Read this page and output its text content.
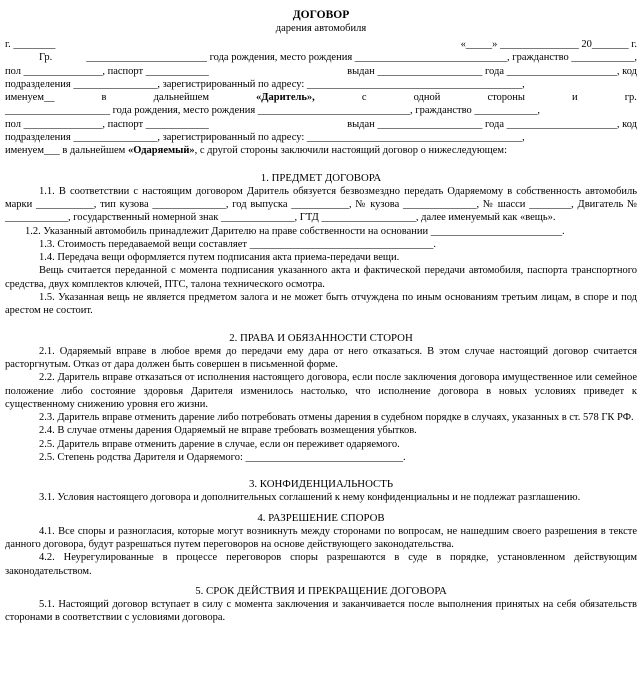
ДОГОВОР
дарения автомобиля
г. ________	«_____» _______________ 20_______ г.
Гр.	_______________________ года рождения, место рождения _____________________________, гражданство ____________,
пол _______________, паспорт ____________	выдан ____________________ года _____________________, код
подразделения ________________, зарегистрированный по адресу: _________________________________________,
именуем__	в	дальнейшем	«Даритель»,	с	одной	стороны	и	гр.
____________________ года рождения, место рождения _____________________________, гражданство ____________,
пол _______________, паспорт ____________	выдан ____________________ года _____________________, код
подразделения ________________, зарегистрированный по адресу: _________________________________________,

именуем___ в дальнейшем «Одаряемый», с другой стороны заключили настоящий договор о нижеследующем:

1. ПРЕДМЕТ ДОГОВОРА

1.1. В соответствии с настоящим договором Даритель обязуется безвозмездно передать Одаряемому в собственность автомобиль марки ___________, тип кузова ______________, год выпуска ___________, № кузова ______________, № шасси ________, Двигатель № ____________, государственный номерной знак ______________, ГТД __________________, далее именуемый как «вещь».

1.2. Указанный автомобиль принадлежит Дарителю на праве собственности на основании _________________________.

1.3. Стоимость передаваемой вещи составляет ___________________________________.

1.4. Передача вещи оформляется путем подписания акта приема-передачи вещи.

Вещь считается переданной с момента подписания указанного акта и фактической передачи автомобиля, паспорта транспортного средства, двух комплектов ключей, ПТС, талона технического осмотра.

1.5. Указанная вещь не является предметом залога и не может быть отчуждена по иным основаниям третьим лицам, в споре и под арестом не состоит.

2. ПРАВА И ОБЯЗАННОСТИ СТОРОН

2.1. Одаряемый вправе в любое время до передачи ему дара от него отказаться. В этом случае настоящий договор считается расторгнутым. Отказ от дара должен быть совершен в письменной форме.

2.2. Даритель вправе отказаться от исполнения настоящего договора, если после заключения договора имущественное или семейное положение либо состояние здоровья Дарителя изменилось настолько, что исполнение договора в новых условиях приведет к существенному снижению уровня его жизни.

2.3. Даритель вправе отменить дарение либо потребовать отмены дарения в судебном порядке в случаях, указанных в ст. 578 ГК РФ.

2.4. В случае отмены дарения Одаряемый не вправе требовать возмещения убытков.

2.5. Даритель вправе отменить дарение в случае, если он переживет одаряемого.

2.5. Степень родства Дарителя и Одаряемого: ______________________________.

3. КОНФИДЕНЦИАЛЬНОСТЬ

3.1. Условия настоящего договора и дополнительных соглашений к нему конфиденциальны и не подлежат разглашению.

4. РАЗРЕШЕНИЕ СПОРОВ

4.1. Все споры и разногласия, которые могут возникнуть между сторонами по вопросам, не нашедшим своего разрешения в тексте данного договора, будут разрешаться путем переговоров на основе действующего законодательства.

4.2. Неурегулированные в процессе переговоров споры разрешаются в суде в порядке, установленном действующим законодательством.

5. СРОК ДЕЙСТВИЯ И ПРЕКРАЩЕНИЕ ДОГОВОРА

5.1. Настоящий договор вступает в силу с момента заключения и заканчивается после выполнения принятых на себя обязательств сторонами в соответствии с условиями договора.
